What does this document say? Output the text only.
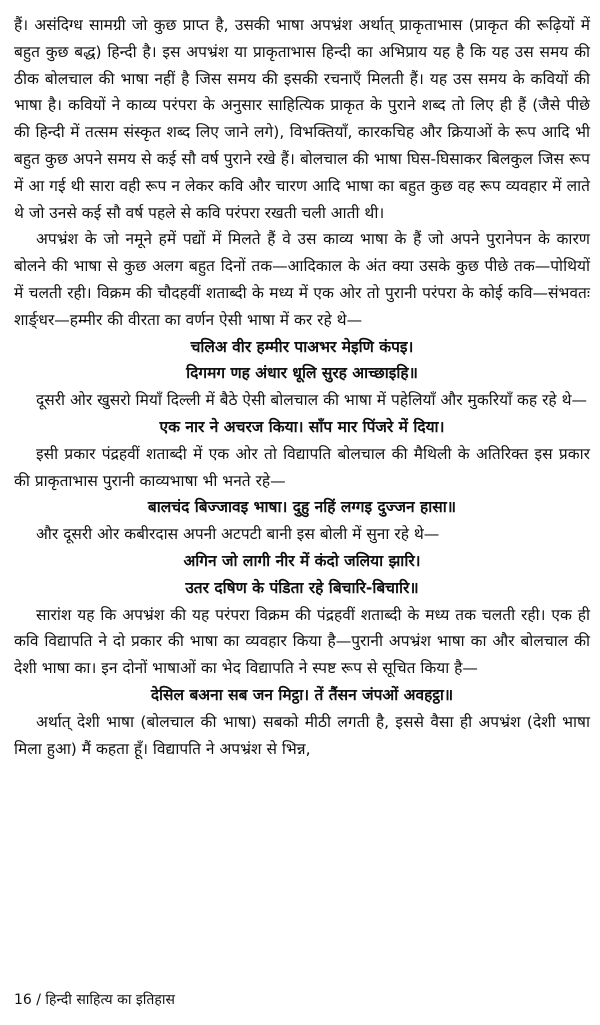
हैं। असंदिग्ध सामग्री जो कुछ प्राप्त है, उसकी भाषा अपभ्रंश अर्थात् प्राकृताभास (प्राकृत की रूढ़ियों में बहुत कुछ बद्ध) हिन्दी है। इस अपभ्रंश या प्राकृताभास हिन्दी का अभिप्राय यह है कि यह उस समय की ठीक बोलचाल की भाषा नहीं है जिस समय की इसकी रचनाएँ मिलती हैं। यह उस समय के कवियों की भाषा है। कवियों ने काव्य परंपरा के अनुसार साहित्यिक प्राकृत के पुराने शब्द तो लिए ही हैं (जैसे पीछे की हिन्दी में तत्सम संस्कृत शब्द लिए जाने लगे), विभक्तियाँ, कारकचिह और क्रियाओं के रूप आदि भी बहुत कुछ अपने समय से कई सौ वर्ष पुराने रखे हैं। बोलचाल की भाषा घिस-घिसाकर बिलकुल जिस रूप में आ गई थी सारा वही रूप न लेकर कवि और चारण आदि भाषा का बहुत कुछ वह रूप व्यवहार में लाते थे जो उनसे कई सौ वर्ष पहले से कवि परंपरा रखती चली आती थी।

अपभ्रंश के जो नमूने हमें पद्यों में मिलते हैं वे उस काव्य भाषा के हैं जो अपने पुरानेपन के कारण बोलने की भाषा से कुछ अलग बहुत दिनों तक—आदिकाल के अंत क्या उसके कुछ पीछे तक—पोथियों में चलती रही। विक्रम की चौदहवीं शताब्दी के मध्य में एक ओर तो पुरानी परंपरा के कोई कवि—संभवतः शार्ङ्धर—हम्मीर की वीरता का वर्णन ऐसी भाषा में कर रहे थे—

चलिअ वीर हम्मीर पाअभर मेइणि कंपइ।

दिगमग णह अंधार धूलि सुरह आच्छाइहि॥

दूसरी ओर खुसरो मियाँ दिल्ली में बैठे ऐसी बोलचाल की भाषा में पहेलियाँ और मुकरियाँ कह रहे थे—

एक नार ने अचरज किया। साँप मार पिंजरे में दिया।

इसी प्रकार पंद्रहवीं शताब्दी में एक ओर तो विद्यापति बोलचाल की मैथिली के अतिरिक्त इस प्रकार की प्राकृताभास पुरानी काव्यभाषा भी भनते रहे—

बालचंद बिज्जावइ भाषा। दुहु नहिं लग्गइ दुज्जन हासा॥

और दूसरी ओर कबीरदास अपनी अटपटी बानी इस बोली में सुना रहे थे—

अगिन जो लागी नीर में कंदो जलिया झारि।

उतर दषिण के पंडिता रहे बिचारि-बिचारि॥

सारांश यह कि अपभ्रंश की यह परंपरा विक्रम की पंद्रहवीं शताब्दी के मध्य तक चलती रही। एक ही कवि विद्यापति ने दो प्रकार की भाषा का व्यवहार किया है—पुरानी अपभ्रंश भाषा का और बोलचाल की देशी भाषा का। इन दोनों भाषाओं का भेद विद्यापति ने स्पष्ट रूप से सूचित किया है—

देसिल बअना सब जन मिट्ठा। तें तैंसन जंपओं अवहट्ठा॥

अर्थात् देशी भाषा (बोलचाल की भाषा) सबको मीठी लगती है, इससे वैसा ही अपभ्रंश (देशी भाषा मिला हुआ) मैं कहता हूँ। विद्यापति ने अपभ्रंश से भिन्न,

16 / हिन्दी साहित्य का इतिहास
